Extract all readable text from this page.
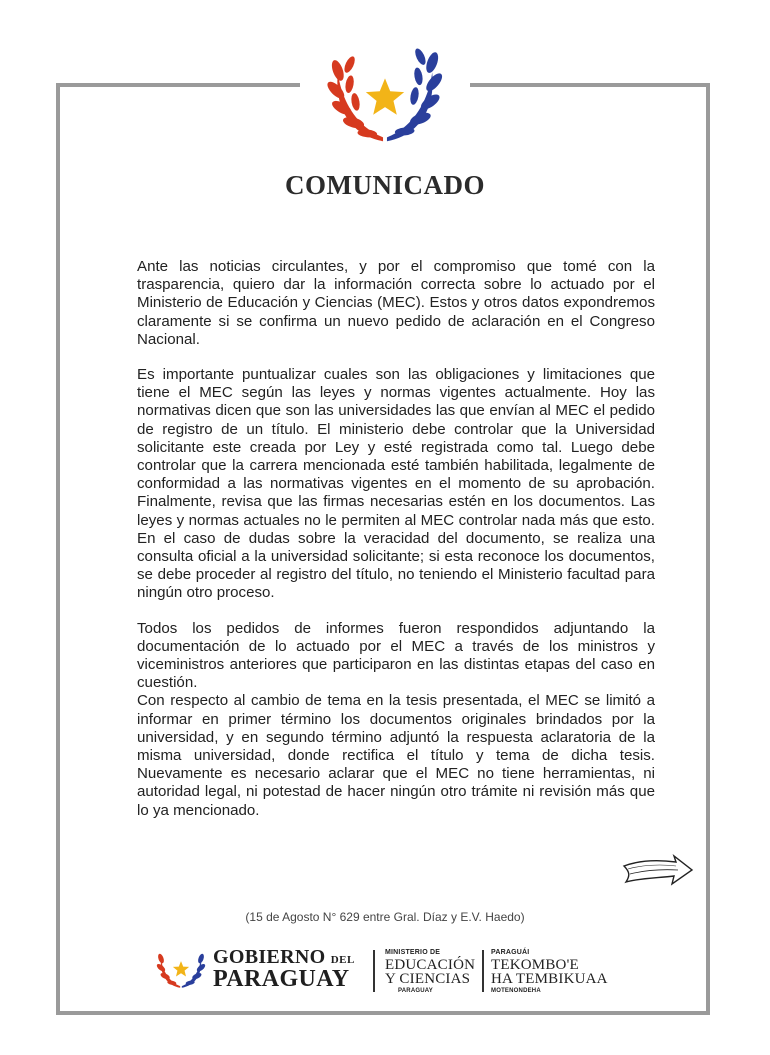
COMUNICADO

Ante las noticias circulantes, y por el compromiso que tomé con la trasparencia, quiero dar la información correcta sobre lo actuado por el Ministerio de Educación y Ciencias (MEC). Estos y otros datos expondremos claramente si se confirma un nuevo pedido de aclaración en el Congreso Nacional.

Es importante puntualizar cuales son las obligaciones y limitaciones que tiene el MEC según las leyes y normas vigentes actualmente. Hoy las normativas dicen que son las universidades las que envían al MEC el pedido de registro de un título. El ministerio debe controlar que la Universidad solicitante este creada por Ley y esté registrada como tal. Luego debe controlar que la carrera mencionada esté también habilitada, legalmente de conformidad a las normativas vigentes en el momento de su aprobación. Finalmente, revisa que las firmas necesarias estén en los documentos. Las leyes y normas actuales no le permiten al MEC controlar nada más que esto. En el caso de dudas sobre la veracidad del documento, se realiza una consulta oficial a la universidad solicitante; si esta reconoce los documentos, se debe proceder al registro del título, no teniendo el Ministerio facultad para ningún otro proceso.

Todos los pedidos de informes fueron respondidos adjuntando la documentación de lo actuado por el MEC a través de los ministros y viceministros anteriores que participaron en las distintas etapas del caso en cuestión.

Con respecto al cambio de tema en la tesis presentada, el MEC se limitó a informar en primer término los documentos originales brindados por la universidad, y en segundo término adjuntó la respuesta aclaratoria de la misma universidad, donde rectifica el título y tema de dicha tesis. Nuevamente es necesario aclarar que el MEC no tiene herramientas, ni autoridad legal, ni potestad de hacer ningún otro trámite ni revisión más que lo ya mencionado.

(15 de Agosto N° 629 entre Gral. Díaz y E.V. Haedo)
GOBIERNO DEL
PARAGUAY
MINISTERIO DE
EDUCACIÓN
Y CIENCIAS
PARAGUAY
PARAGUÁI
TEKOMBO'E
HA TEMBIKUAA
MOTENONDEHA
